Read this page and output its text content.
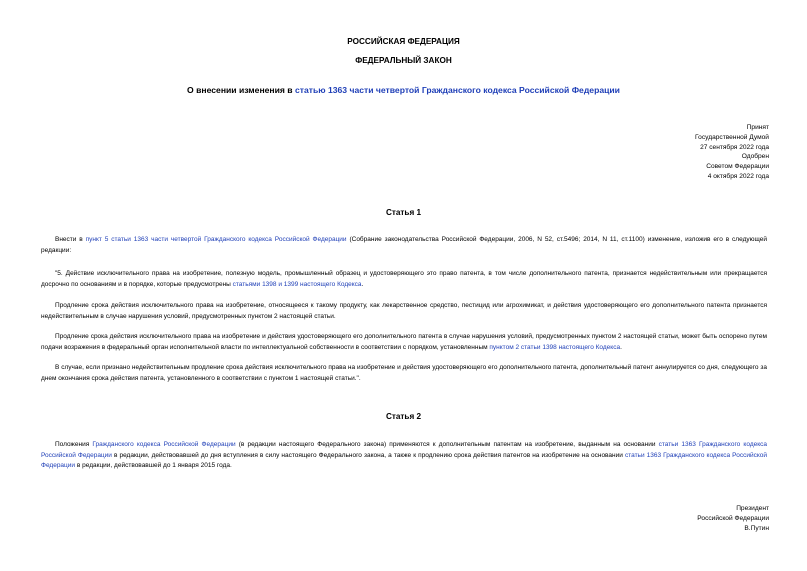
РОССИЙСКАЯ ФЕДЕРАЦИЯ
ФЕДЕРАЛЬНЫЙ ЗАКОН
О внесении изменения в статью 1363 части четвертой Гражданского кодекса Российской Федерации
Принят
Государственной Думой
27 сентября 2022 года
Одобрен
Советом Федерации
4 октября 2022 года
Статья 1
Внести в пункт 5 статьи 1363 части четвертой Гражданского кодекса Российской Федерации (Собрание законодательства Российской Федерации, 2006, N 52, ст.5496; 2014, N 11, ст.1100) изменение, изложив его в следующей редакции:
"5. Действие исключительного права на изобретение, полезную модель, промышленный образец и удостоверяющего это право патента, в том числе дополнительного патента, признается недействительным или прекращается досрочно по основаниям и в порядке, которые предусмотрены статьями 1398 и 1399 настоящего Кодекса.
Продление срока действия исключительного права на изобретение, относящееся к такому продукту, как лекарственное средство, пестицид или агрохимикат, и действия удостоверяющего его дополнительного патента признается недействительным в случае нарушения условий, предусмотренных пунктом 2 настоящей статьи.
Продление срока действия исключительного права на изобретение и действия удостоверяющего его дополнительного патента в случае нарушения условий, предусмотренных пунктом 2 настоящей статьи, может быть оспорено путем подачи возражения в федеральный орган исполнительной власти по интеллектуальной собственности в соответствии с порядком, установленным пунктом 2 статьи 1398 настоящего Кодекса.
В случае, если признано недействительным продление срока действия исключительного права на изобретение и действия удостоверяющего его дополнительного патента, дополнительный патент аннулируется со дня, следующего за днем окончания срока действия патента, установленного в соответствии с пунктом 1 настоящей статьи.".
Статья 2
Положения Гражданского кодекса Российской Федерации (в редакции настоящего Федерального закона) применяются к дополнительным патентам на изобретение, выданным на основании статьи 1363 Гражданского кодекса Российской Федерации в редакции, действовавшей до дня вступления в силу настоящего Федерального закона, а также к продлению срока действия патентов на изобретение на основании статьи 1363 Гражданского кодекса Российской Федерации в редакции, действовавшей до 1 января 2015 года.
Президент
Российской Федерации
В.Путин
